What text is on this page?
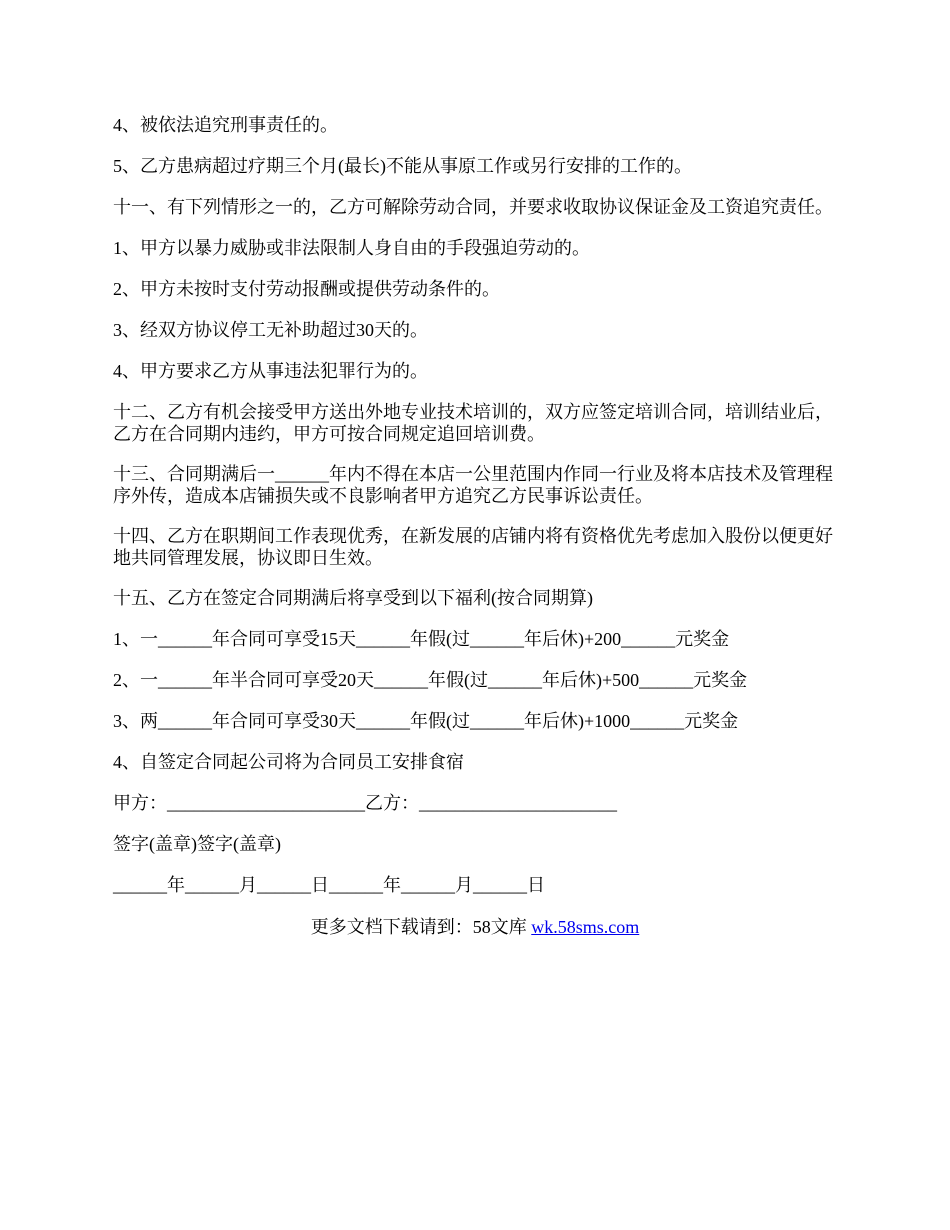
4、被依法追究刑事责任的。

5、乙方患病超过疗期三个月(最长)不能从事原工作或另行安排的工作的。

十一、有下列情形之一的，乙方可解除劳动合同，并要求收取协议保证金及工资追究责任。

1、甲方以暴力威胁或非法限制人身自由的手段强迫劳动的。

2、甲方未按时支付劳动报酬或提供劳动条件的。

3、经双方协议停工无补助超过30天的。

4、甲方要求乙方从事违法犯罪行为的。

十二、乙方有机会接受甲方送出外地专业技术培训的，双方应签定培训合同，培训结业后，乙方在合同期内违约，甲方可按合同规定追回培训费。

十三、合同期满后一______年内不得在本店一公里范围内作同一行业及将本店技术及管理程序外传，造成本店铺损失或不良影响者甲方追究乙方民事诉讼责任。

十四、乙方在职期间工作表现优秀，在新发展的店铺内将有资格优先考虑加入股份以便更好地共同管理发展，协议即日生效。

十五、乙方在签定合同期满后将享受到以下福利(按合同期算)

1、一______年合同可享受15天______年假(过______年后休)+200______元奖金

2、一______年半合同可享受20天______年假(过______年后休)+500______元奖金

3、两______年合同可享受30天______年假(过______年后休)+1000______元奖金

4、自签定合同起公司将为合同员工安排食宿

甲方：______________________乙方：______________________

签字(盖章)签字(盖章)

______年______月______日______年______月______日

更多文档下载请到：58文库 wk.58sms.com
